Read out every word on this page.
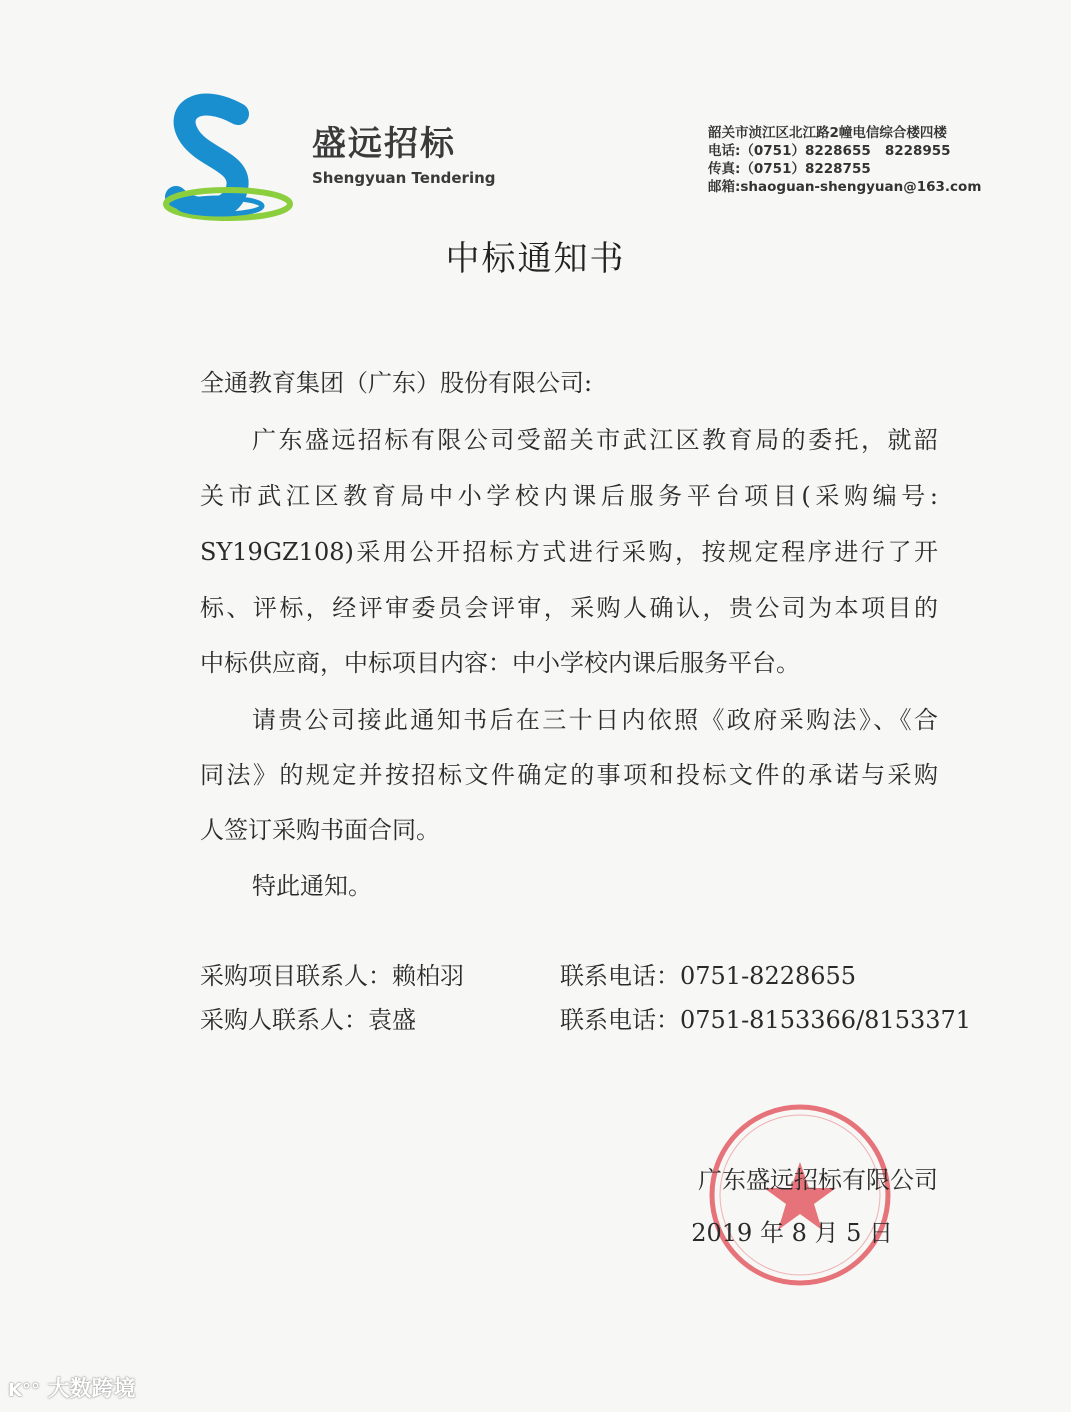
盛远招标
Shengyuan Tendering
韶关市浈江区北江路2幢电信综合楼四楼
电话:（0751）8228655   8228955
传真:（0751）8228755
邮箱:shaoguan-shengyuan@163.com
中标通知书
全通教育集团（广东）股份有限公司:
广东盛远招标有限公司受韶关市武江区教育局的委托，就韶
关市武江区教育局中小学校内课后服务平台项目(采购编号:
SY19GZ108)采用公开招标方式进行采购，按规定程序进行了开
标、评标，经评审委员会评审，采购人确认，贵公司为本项目的
中标供应商，中标项目内容：中小学校内课后服务平台。
请贵公司接此通知书后在三十日内依照《政府采购法》、《合
同法》的规定并按招标文件确定的事项和投标文件的承诺与采购
人签订采购书面合同。
特此通知。
采购项目联系人：赖柏羽	联系电话：0751-8228655
采购人联系人：袁盛	联系电话：0751-8153366/8153371
广东盛远招标有限公司
2019 年 8 月 5 日
K°° 大数跨境
